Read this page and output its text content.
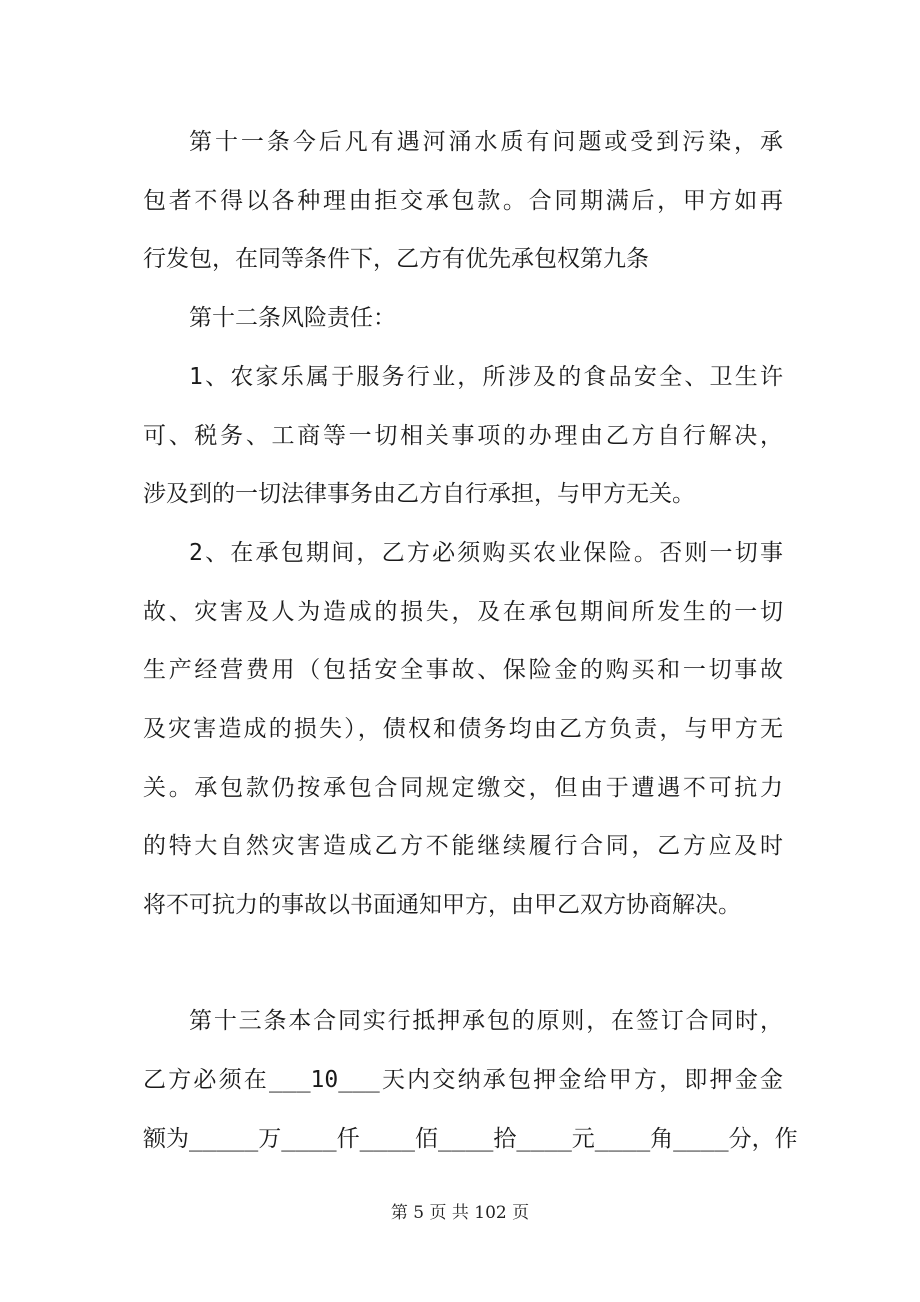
第十一条今后凡有遇河涌水质有问题或受到污染，承
包者不得以各种理由拒交承包款。合同期满后，甲方如再
行发包，在同等条件下，乙方有优先承包权第九条
第十二条风险责任：
1、农家乐属于服务行业，所涉及的食品安全、卫生许
可、税务、工商等一切相关事项的办理由乙方自行解决，
涉及到的一切法律事务由乙方自行承担，与甲方无关。
2、在承包期间，乙方必须购买农业保险。否则一切事
故、灾害及人为造成的损失，及在承包期间所发生的一切
生产经营费用（包括安全事故、保险金的购买和一切事故
及灾害造成的损失），债权和债务均由乙方负责，与甲方无
关。承包款仍按承包合同规定缴交，但由于遭遇不可抗力
的特大自然灾害造成乙方不能继续履行合同，乙方应及时
将不可抗力的事故以书面通知甲方，由甲乙双方协商解决。
第十三条本合同实行抵押承包的原则，在签订合同时，
乙方必须在___10___天内交纳承包押金给甲方，即押金金
额为_____万____仟____佰____拾____元____角____分，作
第 5 页 共 102 页
